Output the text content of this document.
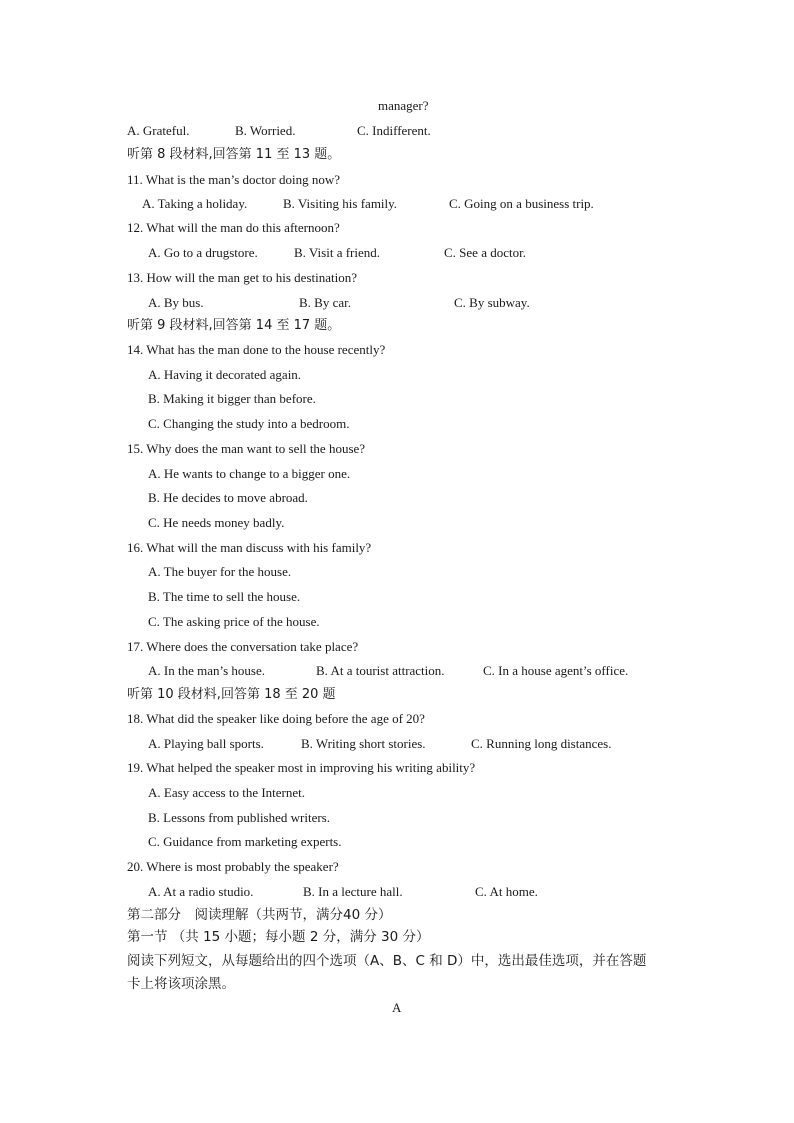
manager?
A. Grateful.	B. Worried.	C. Indifferent.
听第 8 段材料,回答第 11 至 13 题。
11. What is the man’s doctor doing now?
A. Taking a holiday.	B. Visiting his family.	C. Going on a business trip.
12. What will the man do this afternoon?
A. Go to a drugstore.	B. Visit a friend.	C. See a doctor.
13. How will the man get to his destination?
A. By bus.	B. By car.	C. By subway.
听第 9 段材料,回答第 14 至 17 题。
14. What has the man done to the house recently?
A. Having it decorated again.
B. Making it bigger than before.
C. Changing the study into a bedroom.
15. Why does the man want to sell the house?
A. He wants to change to a bigger one.
B. He decides to move abroad.
C. He needs money badly.
16. What will the man discuss with his family?
A. The buyer for the house.
B. The time to sell the house.
C. The asking price of the house.
17. Where does the conversation take place?
A. In the man’s house.	B. At a tourist attraction.	C. In a house agent’s office.
听第 10 段材料,回答第 18 至 20 题
18. What did the speaker like doing before the age of 20?
A. Playing ball sports.	B. Writing short stories.	C. Running long distances.
19. What helped the speaker most in improving his writing ability?
A. Easy access to the Internet.
B. Lessons from published writers.
C. Guidance from marketing experts.
20. Where is most probably the speaker?
A. At a radio studio.	B. In a lecture hall.	C. At home.
第二部分　阅读理解（共两节，满分40 分）
第一节 （共 15 小题；每小题 2 分，满分 30 分）
阅读下列短文，从每题给出的四个选项（A、B、C 和 D）中，选出最佳选项，并在答题
卡上将该项涂黑。
A
